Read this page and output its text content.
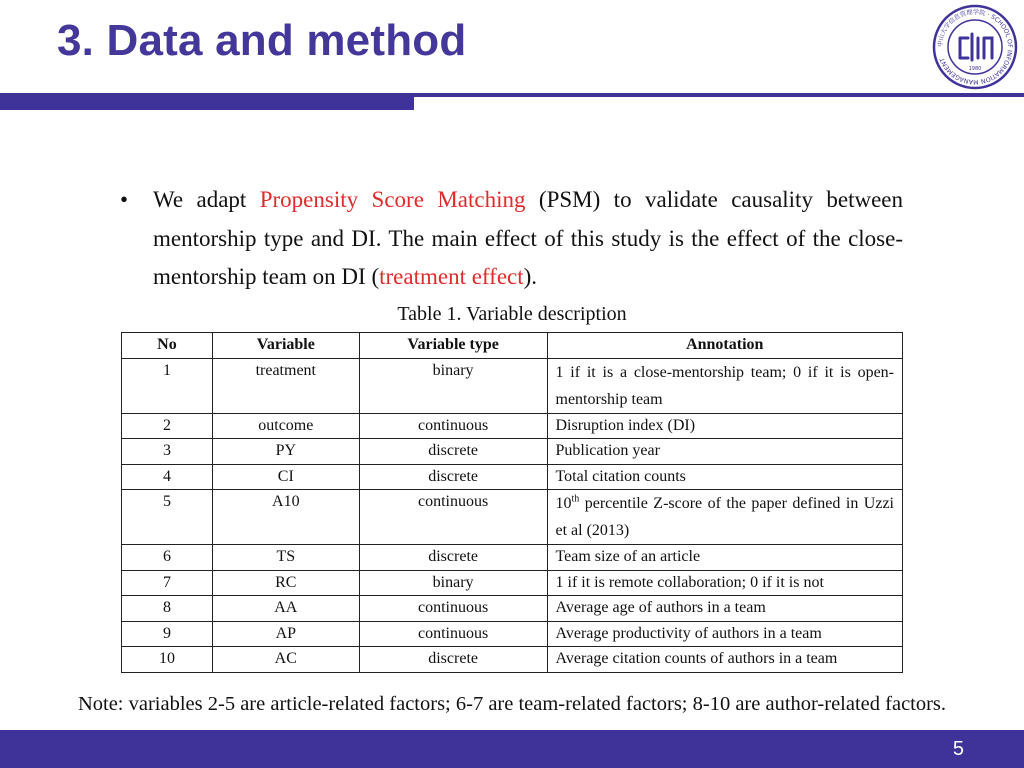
3. Data and method	中山大学信息管理学院 · SCHOOL OF INFORMATION MANAGEMENT
1980
• We adapt Propensity Score Matching (PSM) to validate causality between mentorship type and DI. The main effect of this study is the effect of the close-mentorship team on DI (treatment effect).
Table 1. Variable description
No	Variable	Variable type	Annotation
1	treatment	binary	1 if it is a close-mentorship team; 0 if it is open-mentorship team
2	outcome	continuous	Disruption index (DI)
3	PY	discrete	Publication year
4	CI	discrete	Total citation counts
5	A10	continuous	10th percentile Z-score of the paper defined in Uzzi et al (2013)
6	TS	discrete	Team size of an article
7	RC	binary	1 if it is remote collaboration; 0 if it is not
8	AA	continuous	Average age of authors in a team
9	AP	continuous	Average productivity of authors in a team
10	AC	discrete	Average citation counts of authors in a team
Note: variables 2-5 are article-related factors; 6-7 are team-related factors; 8-10 are author-related factors.
5
